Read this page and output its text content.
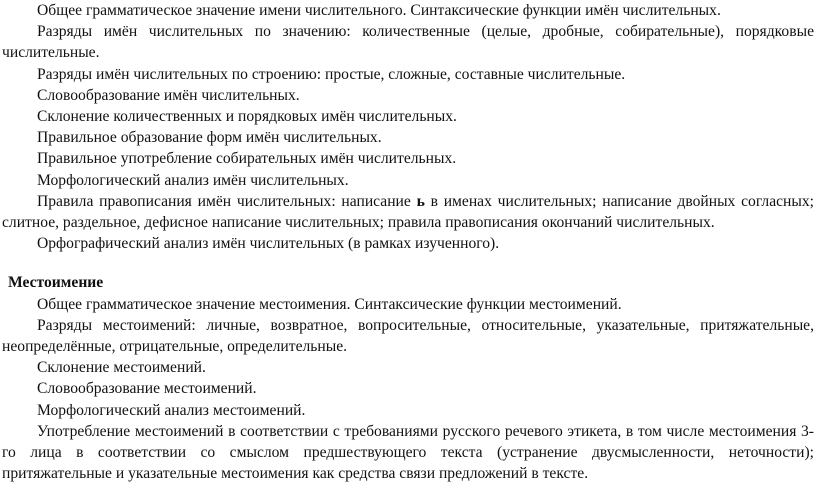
Общее грамматическое значение имени числительного. Синтаксические функции имён числительных.

Разряды имён числительных по значению: количественные (целые, дробные, собирательные), порядковые числительные.

Разряды имён числительных по строению: простые, сложные, составные числительные.

Словообразование имён числительных.

Склонение количественных и порядковых имён числительных.

Правильное образование форм имён числительных.

Правильное употребление собирательных имён числительных.

Морфологический анализ имён числительных.

Правила правописания имён числительных: написание ь в именах числительных; написание двойных согласных; слитное, раздельное, дефисное написание числительных; правила правописания окончаний числительных.

Орфографический анализ имён числительных (в рамках изученного).

Местоимение

Общее грамматическое значение местоимения. Синтаксические функции местоимений.

Разряды местоимений: личные, возвратное, вопросительные, относительные, указательные, притяжательные, неопределённые, отрицательные, определительные.

Склонение местоимений.

Словообразование местоимений.

Морфологический анализ местоимений.

Употребление местоимений в соответствии с требованиями русского речевого этикета, в том числе местоимения 3-го лица в соответствии со смыслом предшествующего текста (устранение двусмысленности, неточности); притяжательные и указательные местоимения как средства связи предложений в тексте.
